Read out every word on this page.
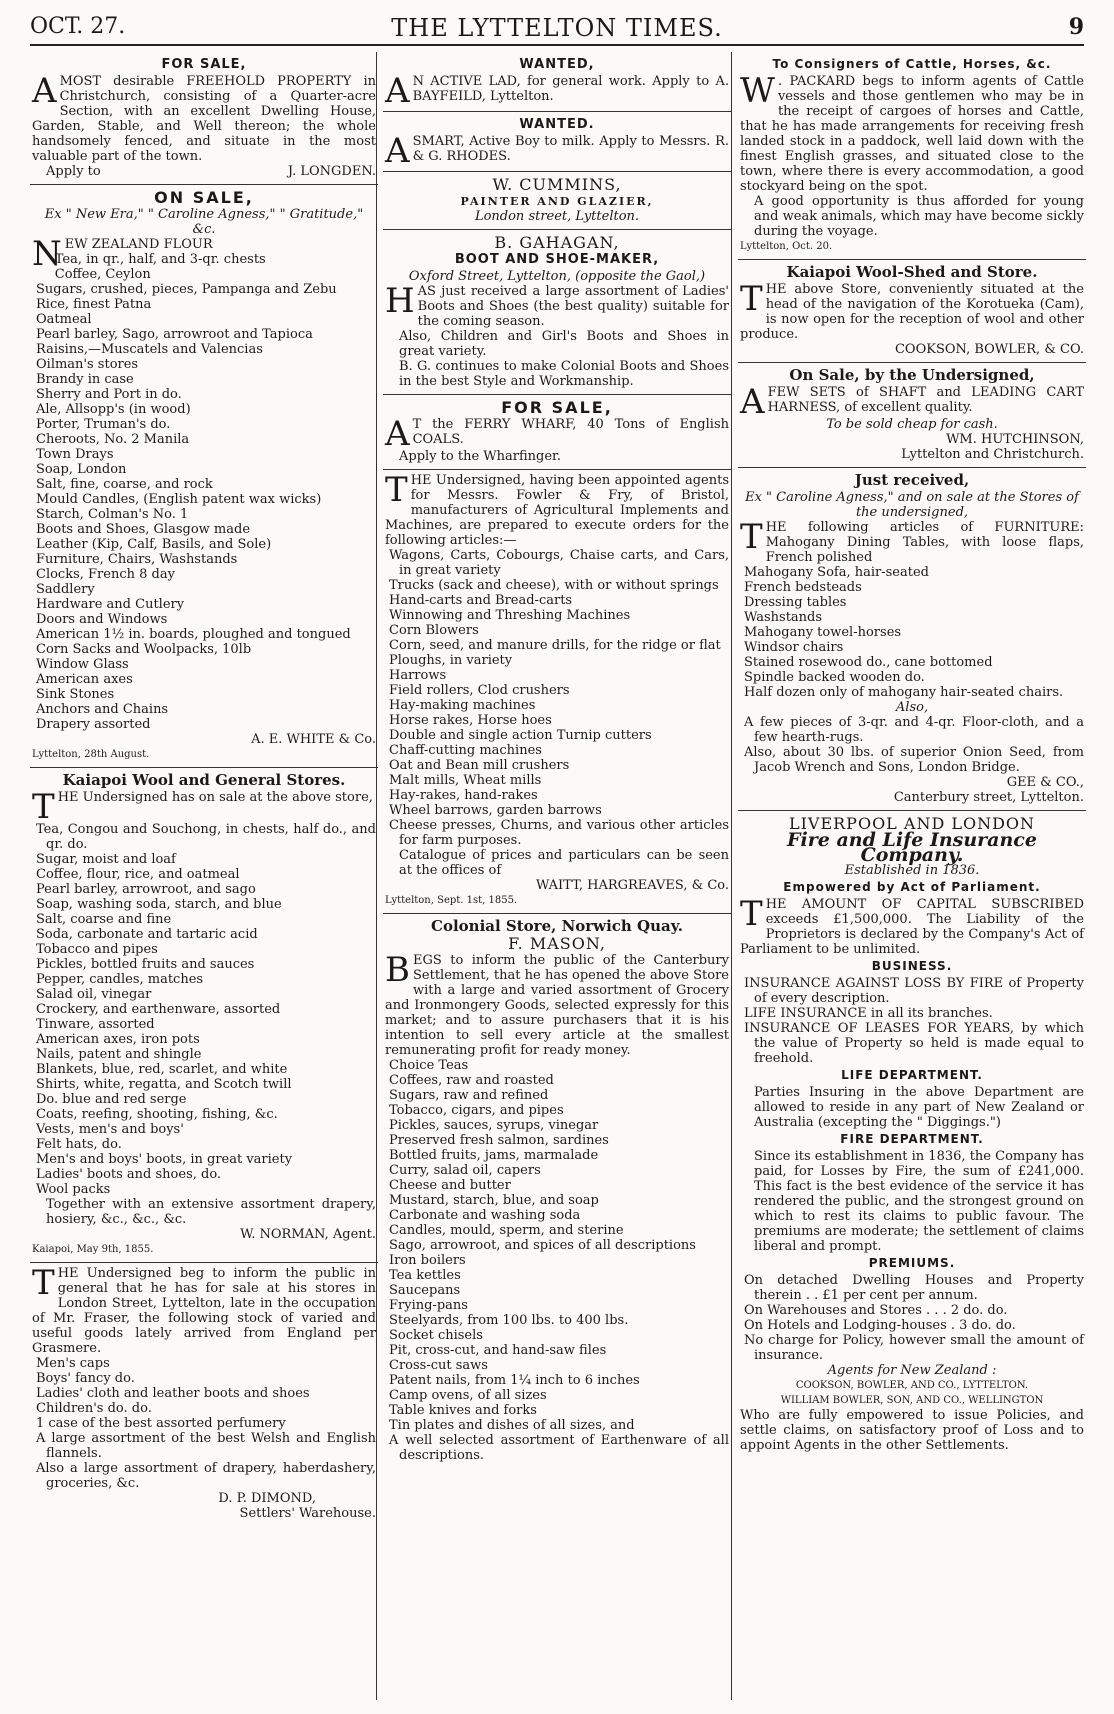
OCT. 27.	THE LYTTELTON TIMES.	9
FOR SALE,

AMOST desirable FREEHOLD PROPERTY in Christchurch, consisting of a Quarter-acre Section, with an excellent Dwelling House, Garden, Stable, and Well thereon; the whole handsomely fenced, and situate in the most valuable part of the town.

Apply to	J. LONGDEN.

ON SALE,
Ex " New Era," " Caroline Agness," " Gratitude," &c.

NEW ZEALAND FLOUR

Tea, in qr., half, and 3-qr. chests
Coffee, Ceylon
Sugars, crushed, pieces, Pampanga and Zebu
Rice, finest Patna
Oatmeal
Pearl barley, Sago, arrowroot and Tapioca
Raisins,—Muscatels and Valencias
Oilman's stores
Brandy in case
Sherry and Port in do.
Ale, Allsopp's (in wood)
Porter, Truman's do.
Cheroots, No. 2 Manila
Town Drays
Soap, London
Salt, fine, coarse, and rock
Mould Candles, (English patent wax wicks)
Starch, Colman's No. 1
Boots and Shoes, Glasgow made
Leather (Kip, Calf, Basils, and Sole)
Furniture, Chairs, Washstands
Clocks, French 8 day
Saddlery
Hardware and Cutlery
Doors and Windows
American 1½ in. boards, ploughed and tongued
Corn Sacks and Woolpacks, 10lb
Window Glass
American axes
Sink Stones
Anchors and Chains
Drapery assorted

A. E. WHITE & Co.

Lyttelton, 28th August.

Kaiapoi Wool and General Stores.

THE Undersigned has on sale at the above store,

Tea, Congou and Souchong, in chests, half do., and qr. do.
Sugar, moist and loaf
Coffee, flour, rice, and oatmeal
Pearl barley, arrowroot, and sago
Soap, washing soda, starch, and blue
Salt, coarse and fine
Soda, carbonate and tartaric acid
Tobacco and pipes
Pickles, bottled fruits and sauces
Pepper, candles, matches
Salad oil, vinegar
Crockery, and earthenware, assorted
Tinware, assorted
American axes, iron pots
Nails, patent and shingle
Blankets, blue, red, scarlet, and white
Shirts, white, regatta, and Scotch twill
Do. blue and red serge
Coats, reefing, shooting, fishing, &c.
Vests, men's and boys'
Felt hats, do.
Men's and boys' boots, in great variety
Ladies' boots and shoes, do.
Wool packs

Together with an extensive assortment drapery, hosiery, &c., &c., &c.

W. NORMAN, Agent.

Kaiapoi, May 9th, 1855.

THE Undersigned beg to inform the public in general that he has for sale at his stores in London Street, Lyttelton, late in the occupation of Mr. Fraser, the following stock of varied and useful goods lately arrived from England per Grasmere.

Men's caps
Boys' fancy do.
Ladies' cloth and leather boots and shoes
Children's do. do.
1 case of the best assorted perfumery
A large assortment of the best Welsh and English flannels.
Also a large assortment of drapery, haberdashery, groceries, &c.

D. P. DIMOND,

Settlers' Warehouse.

WANTED,

A N ACTIVE LAD, for general work. Apply to A. BAYFEILD, Lyttelton.

WANTED.

ASMART, Active Boy to milk. Apply to Messrs. R. & G. RHODES.

W. CUMMINS,
PAINTER AND GLAZIER,
London street, Lyttelton.
B. GAHAGAN,
BOOT AND SHOE-MAKER,
Oxford Street, Lyttelton, (opposite the Gaol,)

HAS just received a large assortment of Ladies' Boots and Shoes (the best quality) suitable for the coming season.

Also, Children and Girl's Boots and Shoes in great variety.

B. G. continues to make Colonial Boots and Shoes in the best Style and Workmanship.

FOR SALE,

A T the FERRY WHARF, 40 Tons of English COALS.

Apply to the Wharfinger.

THE Undersigned, having been appointed agents for Messrs. Fowler & Fry, of Bristol, manufacturers of Agricultural Implements and Machines, are prepared to execute orders for the following articles:—

Wagons, Carts, Cobourgs, Chaise carts, and Cars, in great variety
Trucks (sack and cheese), with or without springs
Hand-carts and Bread-carts
Winnowing and Threshing Machines
Corn Blowers
Corn, seed, and manure drills, for the ridge or flat
Ploughs, in variety
Harrows
Field rollers, Clod crushers
Hay-making machines
Horse rakes, Horse hoes
Double and single action Turnip cutters
Chaff-cutting machines
Oat and Bean mill crushers
Malt mills, Wheat mills
Hay-rakes, hand-rakes
Wheel barrows, garden barrows
Cheese presses, Churns, and various other articles for farm purposes.

Catalogue of prices and particulars can be seen at the offices of

WAITT, HARGREAVES, & Co.

Lyttelton, Sept. 1st, 1855.

Colonial Store, Norwich Quay.
F. MASON,

BEGS to inform the public of the Canterbury Settlement, that he has opened the above Store with a large and varied assortment of Grocery and Ironmongery Goods, selected expressly for this market; and to assure purchasers that it is his intention to sell every article at the smallest remunerating profit for ready money.

Choice Teas
Coffees, raw and roasted
Sugars, raw and refined
Tobacco, cigars, and pipes
Pickles, sauces, syrups, vinegar
Preserved fresh salmon, sardines
Bottled fruits, jams, marmalade
Curry, salad oil, capers
Cheese and butter
Mustard, starch, blue, and soap
Carbonate and washing soda
Candles, mould, sperm, and sterine
Sago, arrowroot, and spices of all descriptions
Iron boilers
Tea kettles
Saucepans
Frying-pans
Steelyards, from 100 lbs. to 400 lbs.
Socket chisels
Pit, cross-cut, and hand-saw files
Cross-cut saws
Patent nails, from 1¼ inch to 6 inches
Camp ovens, of all sizes
Table knives and forks
Tin plates and dishes of all sizes, and
A well selected assortment of Earthenware of all descriptions.
To Consigners of Cattle, Horses, &c.

W . PACKARD begs to inform agents of Cattle vessels and those gentlemen who may be in the receipt of cargoes of horses and Cattle, that he has made arrangements for receiving fresh landed stock in a paddock, well laid down with the finest English grasses, and situated close to the town, where there is every accommodation, a good stockyard being on the spot.

A good opportunity is thus afforded for young and weak animals, which may have become sickly during the voyage.

Lyttelton, Oct. 20.

Kaiapoi Wool-Shed and Store.

THE above Store, conveniently situated at the head of the navigation of the Korotueka (Cam), is now open for the reception of wool and other produce.

COOKSON, BOWLER, & CO.

On Sale, by the Undersigned,

AFEW SETS of SHAFT and LEADING CART HARNESS, of excellent quality.

To be sold cheap for cash.

WM. HUTCHINSON,

Lyttelton and Christchurch.

Just received,
Ex " Caroline Agness," and on sale at the Stores of the undersigned,

THE following articles of FURNITURE: Mahogany Dining Tables, with loose flaps, French polished

Mahogany Sofa, hair-seated
French bedsteads
Dressing tables
Washstands
Mahogany towel-horses
Windsor chairs
Stained rosewood do., cane bottomed
Spindle backed wooden do.
Half dozen only of mahogany hair-seated chairs.
Also,
A few pieces of 3-qr. and 4-qr. Floor-cloth, and a few hearth-rugs.
Also, about 30 lbs. of superior Onion Seed, from Jacob Wrench and Sons, London Bridge.

GEE & CO.,

Canterbury street, Lyttelton.

LIVERPOOL AND LONDON
Fire and Life Insurance Company.
Established in 1836.
Empowered by Act of Parliament.

THE AMOUNT OF CAPITAL SUBSCRIBED exceeds £1,500,000. The Liability of the Proprietors is declared by the Company's Act of Parliament to be unlimited.

BUSINESS.
INSURANCE AGAINST LOSS BY FIRE of Property of every description.
LIFE INSURANCE in all its branches.
INSURANCE OF LEASES FOR YEARS, by which the value of Property so held is made equal to freehold.
LIFE DEPARTMENT.

Parties Insuring in the above Department are allowed to reside in any part of New Zealand or Australia (excepting the " Diggings.")

FIRE DEPARTMENT.

Since its establishment in 1836, the Company has paid, for Losses by Fire, the sum of £241,000. This fact is the best evidence of the service it has rendered the public, and the strongest ground on which to rest its claims to public favour. The premiums are moderate; the settlement of claims liberal and prompt.

PREMIUMS.
On detached Dwelling Houses and Property therein . . £1 per cent per annum.
On Warehouses and Stores . . . 2 do. do.
On Hotels and Lodging-houses . 3 do. do.
No charge for Policy, however small the amount of insurance.
Agents for New Zealand :

COOKSON, BOWLER, AND CO., LYTTELTON.

WILLIAM BOWLER, SON, AND CO., WELLINGTON

Who are fully empowered to issue Policies, and settle claims, on satisfactory proof of Loss and to appoint Agents in the other Settlements.
